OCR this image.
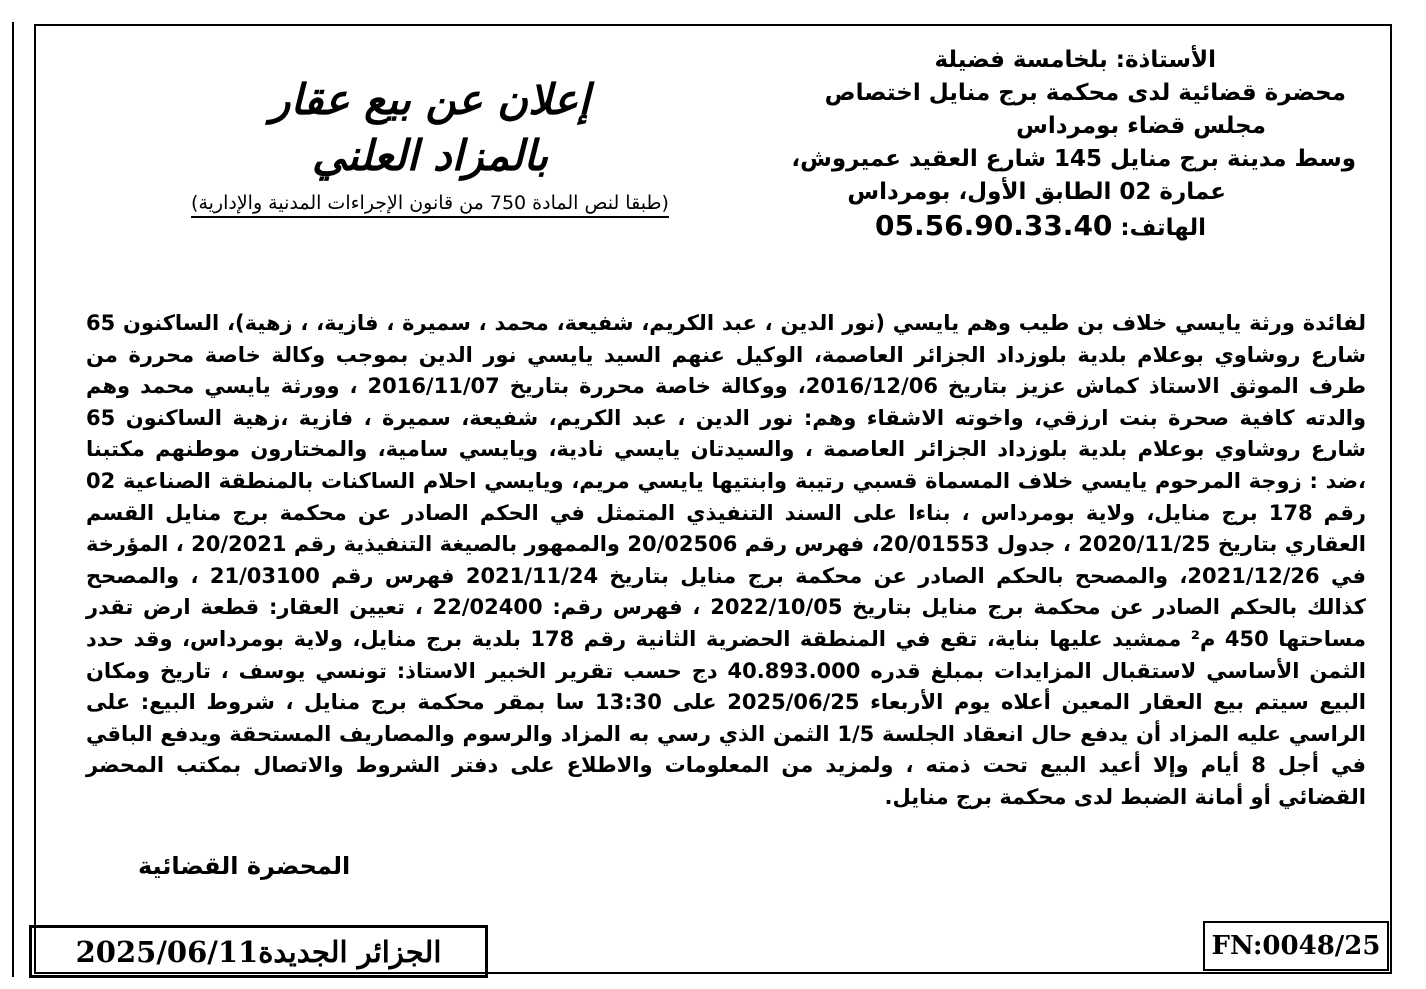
الأستاذة: بلخامسة فضيلة
محضرة قضائية لدى محكمة برج منايل اختصاص
مجلس قضاء بومرداس
وسط مدينة برج منايل 145 شارع العقيد عميروش،
عمارة 02 الطابق الأول، بومرداس
الهاتف: 05.56.90.33.40
إعلان عن بيع عقار
بالمزاد العلني
(طبقا لنص المادة 750 من قانون الإجراءات المدنية والإدارية)

لفائدة ورثة يايسي خلاف بن طيب وهم يايسي (نور الدين ، عبد الكريم، شفيعة، محمد ، سميرة ، فازية، ، زهية)، الساكنون 65 شارع روشاوي بوعلام بلدية بلوزداد الجزائر العاصمة، الوكيل عنهم السيد يايسي نور الدين بموجب وكالة خاصة محررة من طرف الموثق الاستاذ كماش عزيز بتاريخ 2016/12/06، ووكالة خاصة محررة بتاريخ 2016/11/07 ، وورثة يايسي محمد وهم والدته كافية صحرة بنت ارزقي، واخوته الاشقاء وهم: نور الدين ، عبد الكريم، شفيعة، سميرة ، فازية ،زهية الساكنون 65 شارع روشاوي بوعلام بلدية بلوزداد الجزائر العاصمة ، والسيدتان يايسي نادية، ويايسي سامية، والمختارون موطنهم مكتبنا ،ضد : زوجة المرحوم يايسي خلاف المسماة قسبي رتيبة وابنتيها يايسي مريم، ويايسي احلام الساكنات بالمنطقة الصناعية 02 رقم 178 برج منايل، ولاية بومرداس ، بناءا على السند التنفيذي المتمثل في الحكم الصادر عن محكمة برج منايل القسم العقاري بتاريخ 2020/11/25 ، جدول 20/01553، فهرس رقم 20/02506 والممهور بالصيغة التنفيذية رقم 20/2021 ، المؤرخة في 2021/12/26، والمصحح بالحكم الصادر عن محكمة برج منايل بتاريخ 2021/11/24 فهرس رقم 21/03100 ، والمصحح كذالك بالحكم الصادر عن محكمة برج منايل بتاريخ 2022/10/05 ، فهرس رقم: 22/02400 ، تعيين العقار: قطعة ارض تقدر مساحتها 450 م² ممشيد عليها بناية، تقع في المنطقة الحضرية الثانية رقم 178 بلدية برج منايل، ولاية بومرداس، وقد حدد الثمن الأساسي لاستقبال المزايدات بمبلغ قدره 40.893.000 دج حسب تقرير الخبير الاستاذ: تونسي يوسف ، تاريخ ومكان البيع سيتم بيع العقار المعين أعلاه يوم الأربعاء 2025/06/25 على 13:30 سا بمقر محكمة برج منايل ، شروط البيع: على الراسي عليه المزاد أن يدفع حال انعقاد الجلسة 1/5 الثمن الذي رسي به المزاد والرسوم والمصاريف المستحقة ويدفع الباقي في أجل 8 أيام وإلا أعيد البيع تحت ذمته ، ولمزيد من المعلومات والاطلاع على دفتر الشروط والاتصال بمكتب المحضر القضائي أو أمانة الضبط لدى محكمة برج منايل.

المحضرة القضائية
الجزائر الجديدة2025/06/11	FN:0048/25
